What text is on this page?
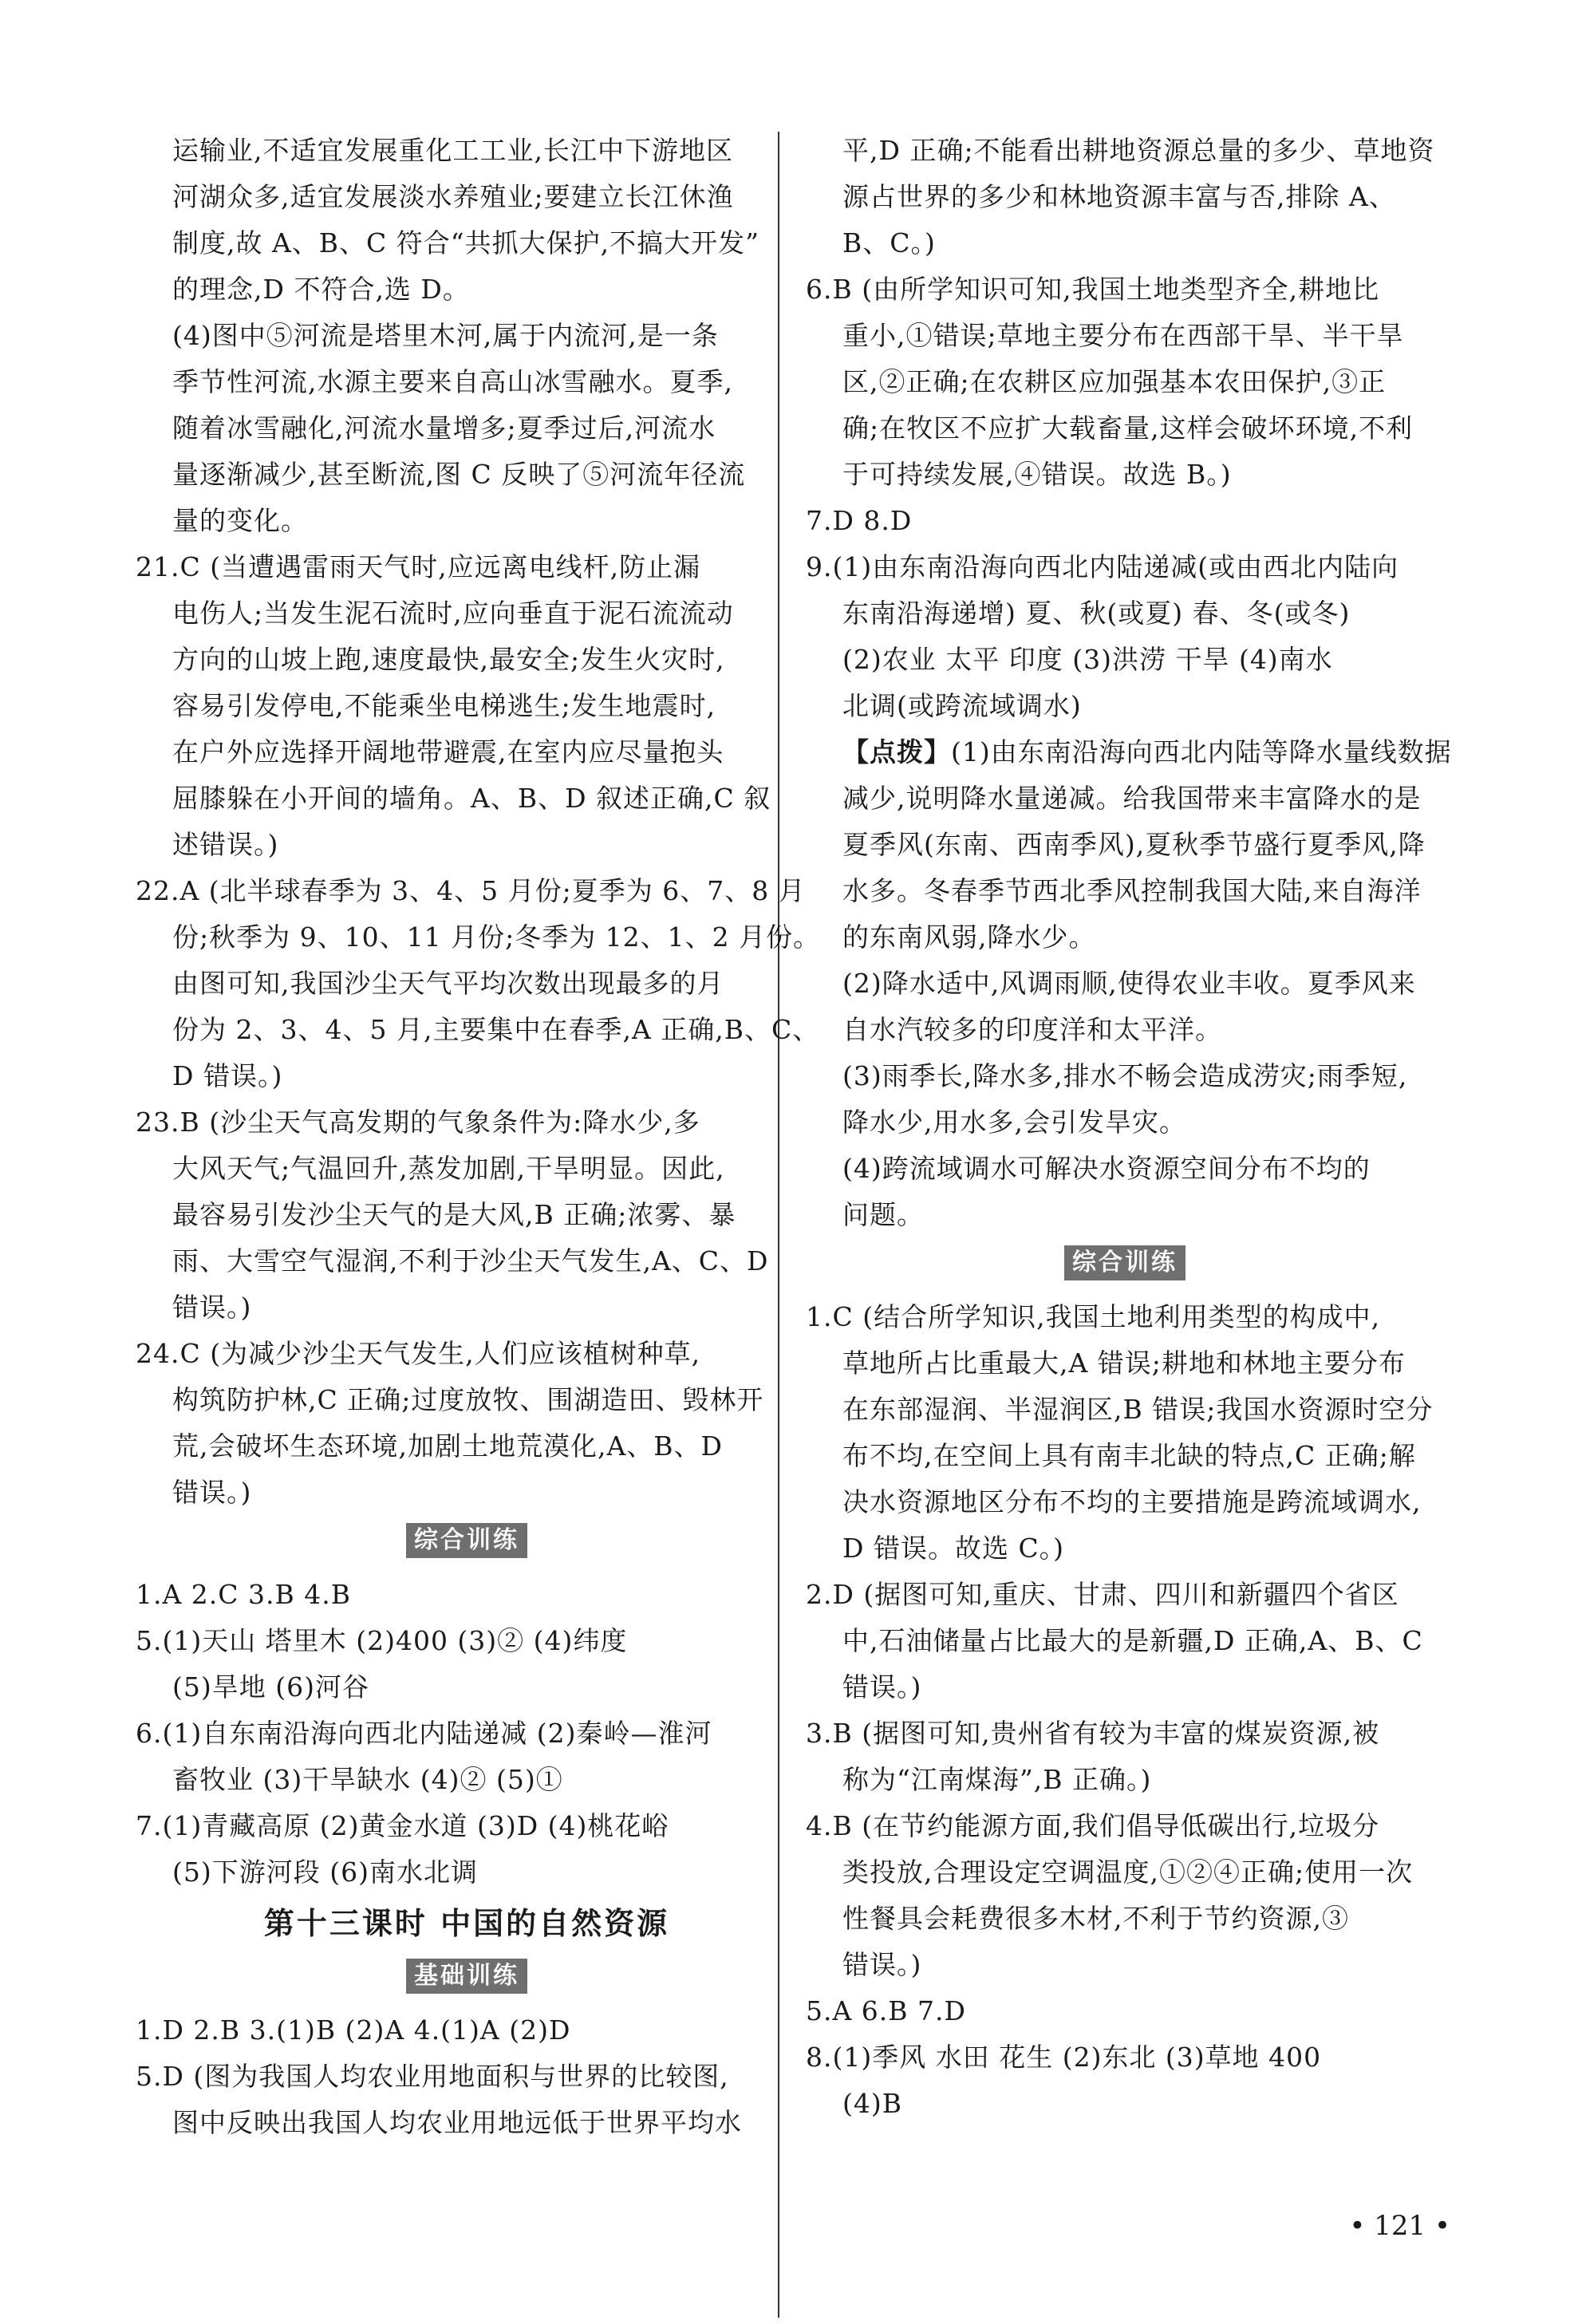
运输业,不适宜发展重化工工业,长江中下游地区
河湖众多,适宜发展淡水养殖业;要建立长江休渔
制度,故 A、B、C 符合“共抓大保护,不搞大开发”
的理念,D 不符合,选 D。
(4)图中⑤河流是塔里木河,属于内流河,是一条
季节性河流,水源主要来自高山冰雪融水。夏季,
随着冰雪融化,河流水量增多;夏季过后,河流水
量逐渐减少,甚至断流,图 C 反映了⑤河流年径流
量的变化。
21.C (当遭遇雷雨天气时,应远离电线杆,防止漏
电伤人;当发生泥石流时,应向垂直于泥石流流动
方向的山坡上跑,速度最快,最安全;发生火灾时,
容易引发停电,不能乘坐电梯逃生;发生地震时,
在户外应选择开阔地带避震,在室内应尽量抱头
屈膝躲在小开间的墙角。A、B、D 叙述正确,C 叙
述错误。)
22.A (北半球春季为 3、4、5 月份;夏季为 6、7、8 月
份;秋季为 9、10、11 月份;冬季为 12、1、2 月份。
由图可知,我国沙尘天气平均次数出现最多的月
份为 2、3、4、5 月,主要集中在春季,A 正确,B、C、
D 错误。)
23.B (沙尘天气高发期的气象条件为:降水少,多
大风天气;气温回升,蒸发加剧,干旱明显。因此,
最容易引发沙尘天气的是大风,B 正确;浓雾、暴
雨、大雪空气湿润,不利于沙尘天气发生,A、C、D
错误。)
24.C (为减少沙尘天气发生,人们应该植树种草,
构筑防护林,C 正确;过度放牧、围湖造田、毁林开
荒,会破坏生态环境,加剧土地荒漠化,A、B、D
错误。)
综合训练
1.A 2.C 3.B 4.B
5.(1)天山 塔里木 (2)400 (3)② (4)纬度
(5)旱地 (6)河谷
6.(1)自东南沿海向西北内陆递减 (2)秦岭—淮河
畜牧业 (3)干旱缺水 (4)② (5)①
7.(1)青藏高原 (2)黄金水道 (3)D (4)桃花峪
(5)下游河段 (6)南水北调
第十三课时 中国的自然资源
基础训练
1.D 2.B 3.(1)B (2)A 4.(1)A (2)D
5.D (图为我国人均农业用地面积与世界的比较图,
图中反映出我国人均农业用地远低于世界平均水
平,D 正确;不能看出耕地资源总量的多少、草地资
源占世界的多少和林地资源丰富与否,排除 A、
B、C。)
6.B (由所学知识可知,我国土地类型齐全,耕地比
重小,①错误;草地主要分布在西部干旱、半干旱
区,②正确;在农耕区应加强基本农田保护,③正
确;在牧区不应扩大载畜量,这样会破坏环境,不利
于可持续发展,④错误。故选 B。)
7.D 8.D
9.(1)由东南沿海向西北内陆递减(或由西北内陆向
东南沿海递增) 夏、秋(或夏) 春、冬(或冬)
(2)农业 太平 印度 (3)洪涝 干旱 (4)南水
北调(或跨流域调水)
【点拨】(1)由东南沿海向西北内陆等降水量线数据
减少,说明降水量递减。给我国带来丰富降水的是
夏季风(东南、西南季风),夏秋季节盛行夏季风,降
水多。冬春季节西北季风控制我国大陆,来自海洋
的东南风弱,降水少。
(2)降水适中,风调雨顺,使得农业丰收。夏季风来
自水汽较多的印度洋和太平洋。
(3)雨季长,降水多,排水不畅会造成涝灾;雨季短,
降水少,用水多,会引发旱灾。
(4)跨流域调水可解决水资源空间分布不均的
问题。
综合训练
1.C (结合所学知识,我国土地利用类型的构成中,
草地所占比重最大,A 错误;耕地和林地主要分布
在东部湿润、半湿润区,B 错误;我国水资源时空分
布不均,在空间上具有南丰北缺的特点,C 正确;解
决水资源地区分布不均的主要措施是跨流域调水,
D 错误。故选 C。)
2.D (据图可知,重庆、甘肃、四川和新疆四个省区
中,石油储量占比最大的是新疆,D 正确,A、B、C
错误。)
3.B (据图可知,贵州省有较为丰富的煤炭资源,被
称为“江南煤海”,B 正确。)
4.B (在节约能源方面,我们倡导低碳出行,垃圾分
类投放,合理设定空调温度,①②④正确;使用一次
性餐具会耗费很多木材,不利于节约资源,③
错误。)
5.A 6.B 7.D
8.(1)季风 水田 花生 (2)东北 (3)草地 400
(4)B
• 121 •
